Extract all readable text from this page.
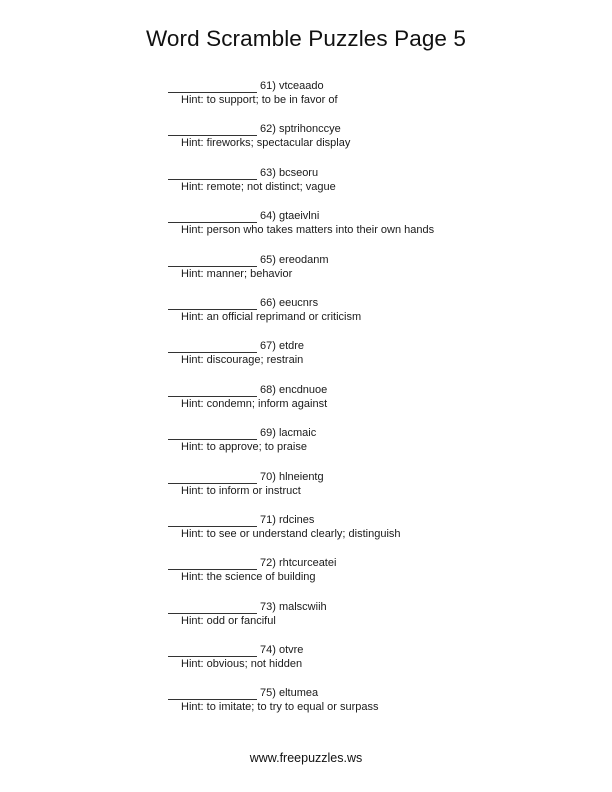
Word Scramble Puzzles Page 5
61) vtceaado
Hint: to support; to be in favor of
62) sptrihonccye
Hint: fireworks; spectacular display
63) bcseoru
Hint: remote; not distinct; vague
64) gtaeivlni
Hint: person who takes matters into their own hands
65) ereodanm
Hint: manner; behavior
66) eeucnrs
Hint: an official reprimand or criticism
67) etdre
Hint: discourage; restrain
68) encdnuoe
Hint: condemn; inform against
69) lacmaic
Hint: to approve; to praise
70) hlneientg
Hint: to inform or instruct
71) rdcines
Hint: to see or understand clearly; distinguish
72) rhtcurceatei
Hint: the science of building
73) malscwiih
Hint: odd or fanciful
74) otvre
Hint: obvious; not hidden
75) eltumea
Hint: to imitate; to try to equal or surpass
www.freepuzzles.ws
